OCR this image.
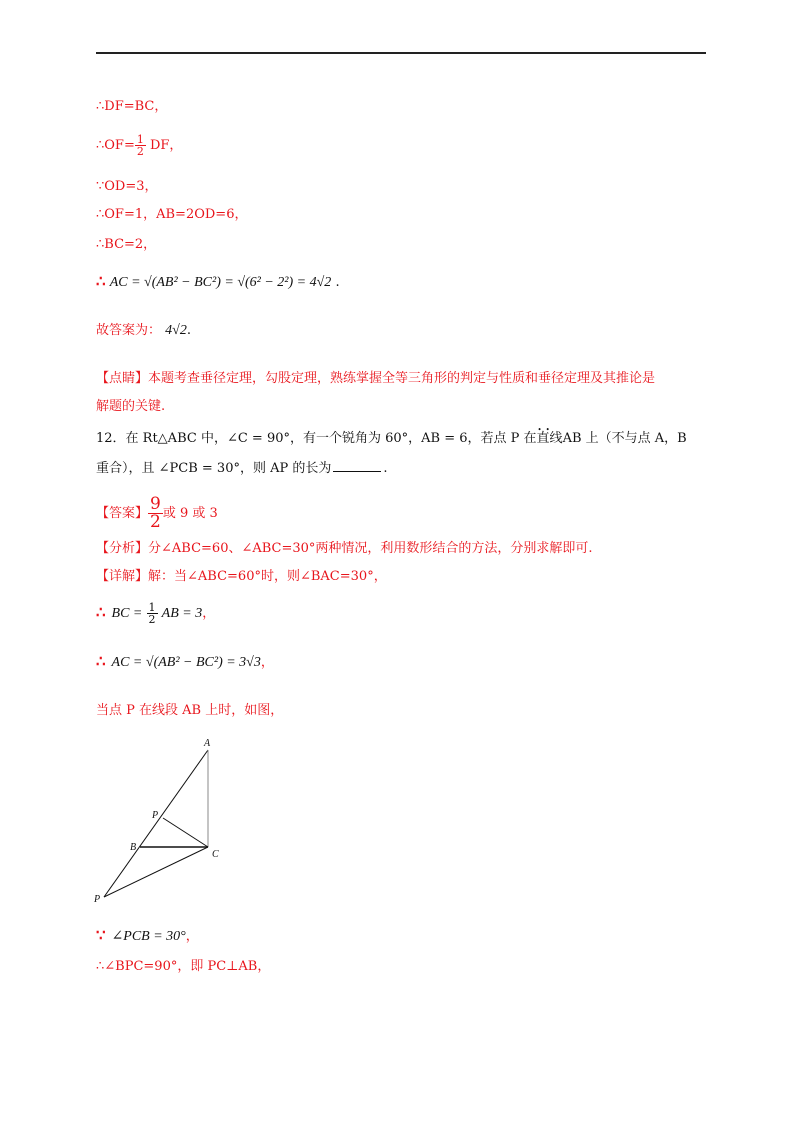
∴DF=BC，
∴OF= $\frac{1}{2}$ DF，
∵OD=3，
∴OF=1，AB=2OD=6，
∴BC=2，
∴ AC = √(AB² − BC²) = √(6² − 2²) = 4√2 .
故答案为： 4√2.
【点睛】本题考查垂径定理，勾股定理，熟练掌握全等三角形的判定与性质和垂径定理及其推论是
解题的关键.
12．在 Rt△ABC 中，∠C = 90°，有一个锐角为 60°，AB = 6，若点 P 在•• 直线AB 上（不与点 A，B
重合），且 ∠PCB = 30°，则 AP 的长为	.
【答案】 $\frac{9}{2}$ 或 9 或 3
【分析】分∠ABC=60、∠ABC=30°两种情况，利用数形结合的方法，分别求解即可.
【详解】解：当∠ABC=60°时，则∠BAC=30°，
∴ BC = $\frac{1}{2}$ AB = 3，
∴ AC = √(AB² − BC²) = 3√3，
当点 P 在线段 AB 上时，如图，
A
P
B
C
P
∵ ∠PCB = 30°，
∴∠BPC=90°，即 PC⊥AB，
